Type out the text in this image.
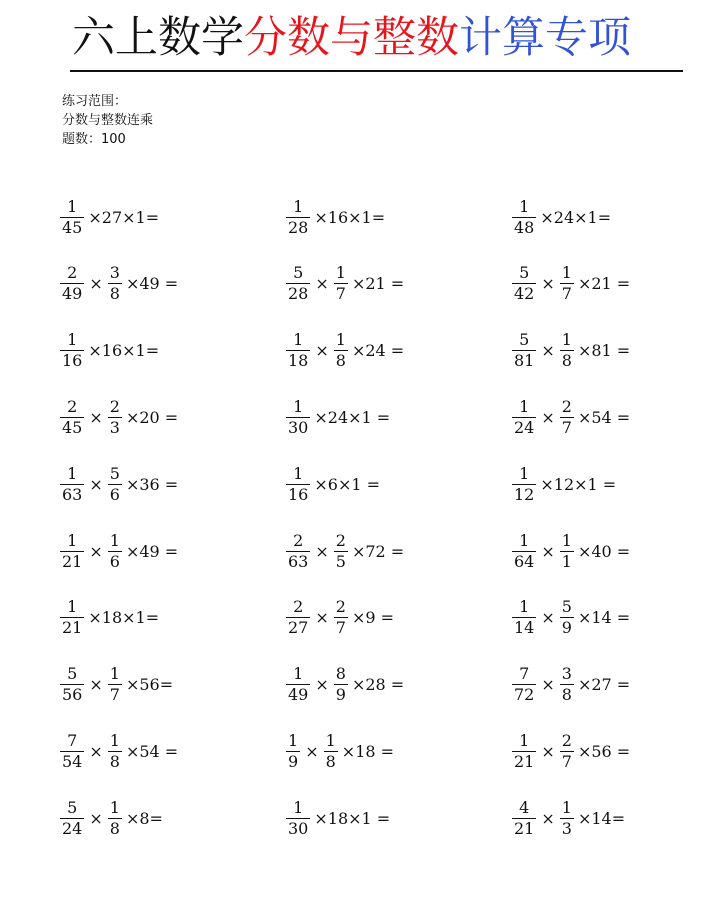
六上数学分数与整数计算专项
练习范围：
分数与整数连乘
题数：100
$\frac{1}{45} \times 27\times 1=$	$\frac{1}{28} \times 16\times 1=$	$\frac{1}{48} \times 24\times 1=$
$\frac{2}{49} \times \frac{3}{8} \times 49$ =	$\frac{5}{28} \times \frac{1}{7} \times 21$ =	$\frac{5}{42} \times \frac{1}{7} \times 21$ =
$\frac{1}{16} \times 16\times 1=$	$\frac{1}{18} \times \frac{1}{8} \times 24$ =	$\frac{5}{81} \times \frac{1}{8} \times 81$ =
$\frac{2}{45} \times \frac{2}{3} \times 20$ =	$\frac{1}{30} \times 24\times 1$ =	$\frac{1}{24} \times \frac{2}{7} \times 54$ =
$\frac{1}{63} \times \frac{5}{6} \times 36$ =	$\frac{1}{16} \times 6\times 1$ =	$\frac{1}{12} \times 12\times 1$ =
$\frac{1}{21} \times \frac{1}{6} \times 49$ =	$\frac{2}{63} \times \frac{2}{5} \times 72$ =	$\frac{1}{64} \times \frac{1}{1} \times 40$ =
$\frac{1}{21} \times 18\times 1=$	$\frac{2}{27} \times \frac{2}{7} \times 9$ =	$\frac{1}{14} \times \frac{5}{9} \times 14$ =
$\frac{5}{56} \times \frac{1}{7} \times 56=$	$\frac{1}{49} \times \frac{8}{9} \times 28$ =	$\frac{7}{72} \times \frac{3}{8} \times 27$ =
$\frac{7}{54} \times \frac{1}{8} \times 54$ =	$\frac{1}{9} \times \frac{1}{8} \times 18$ =	$\frac{1}{21} \times \frac{2}{7} \times 56$ =
$\frac{5}{24} \times \frac{1}{8} \times 8=$	$\frac{1}{30} \times 18\times 1$ =	$\frac{4}{21} \times \frac{1}{3} \times 14=$
